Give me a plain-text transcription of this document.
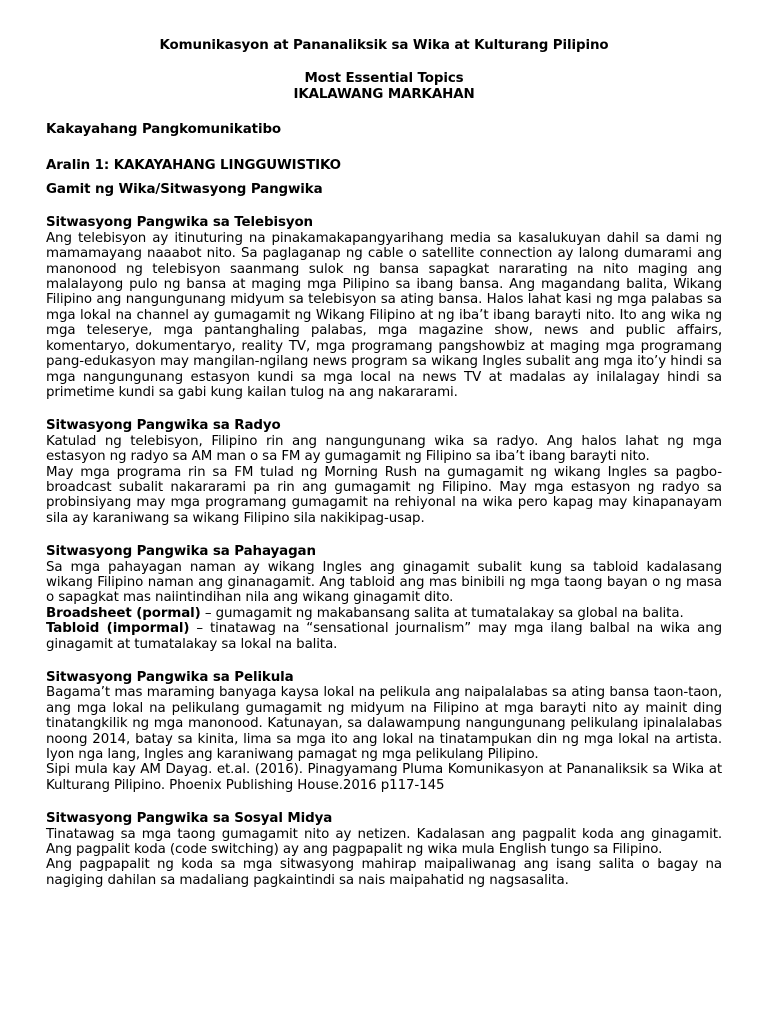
Komunikasyon at Pananaliksik sa Wika at Kulturang Pilipino

Most Essential Topics

IKALAWANG MARKAHAN

Kakayahang Pangkomunikatibo

Aralin 1: KAKAYAHANG LINGGUWISTIKO

Gamit ng Wika/Sitwasyong Pangwika

Sitwasyong Pangwika sa Telebisyon

Ang telebisyon ay itinuturing na pinakamakapangyarihang media sa kasalukuyan dahil sa dami ng mamamayang naaabot nito. Sa paglaganap ng cable o satellite connection ay lalong dumarami ang manonood ng telebisyon saanmang sulok ng bansa sapagkat nararating na nito maging ang malalayong pulo ng bansa at maging mga Pilipino sa ibang bansa. Ang magandang balita, Wikang Filipino ang nangungunang midyum sa telebisyon sa ating bansa. Halos lahat kasi ng mga palabas sa mga lokal na channel ay gumagamit ng Wikang Filipino at ng iba’t ibang barayti nito. Ito ang wika ng mga teleserye, mga pantanghaling palabas, mga magazine show, news and public affairs, komentaryo, dokumentaryo, reality TV, mga programang pangshowbiz at maging mga programang pang-edukasyon may mangilan-ngilang news program sa wikang Ingles subalit ang mga ito’y hindi sa mga nangungunang estasyon kundi sa mga local na news TV at madalas ay inilalagay hindi sa primetime kundi sa gabi kung kailan tulog na ang nakararami.

Sitwasyong Pangwika sa Radyo

Katulad ng telebisyon, Filipino rin ang nangungunang wika sa radyo. Ang halos lahat ng mga estasyon ng radyo sa AM man o sa FM ay gumagamit ng Filipino sa iba’t ibang barayti nito.

May mga programa rin sa FM tulad ng Morning Rush na gumagamit ng wikang Ingles sa pagbo-broadcast subalit nakararami pa rin ang gumagamit ng Filipino. May mga estasyon ng radyo sa probinsiyang may mga programang gumagamit na rehiyonal na wika pero kapag may kinapanayam sila ay karaniwang sa wikang Filipino sila nakikipag-usap.

Sitwasyong Pangwika sa Pahayagan

Sa mga pahayagan naman ay wikang Ingles ang ginagamit subalit kung sa tabloid kadalasang wikang Filipino naman ang ginanagamit. Ang tabloid ang mas binibili ng mga taong bayan o ng masa o sapagkat mas naiintindihan nila ang wikang ginagamit dito.

Broadsheet (pormal) – gumagamit ng makabansang salita at tumatalakay sa global na balita.

Tabloid (impormal) – tinatawag na “sensational journalism” may mga ilang balbal na wika ang ginagamit at tumatalakay sa lokal na balita.

Sitwasyong Pangwika sa Pelikula

Bagama’t mas maraming banyaga kaysa lokal na pelikula ang naipalalabas sa ating bansa taon-taon, ang mga lokal na pelikulang gumagamit ng midyum na Filipino at mga barayti nito ay mainit ding tinatangkilik ng mga manonood. Katunayan, sa dalawampung nangungunang pelikulang ipinalalabas noong 2014, batay sa kinita, lima sa mga ito ang lokal na tinatampukan din ng mga lokal na artista. Iyon nga lang, Ingles ang karaniwang pamagat ng mga pelikulang Pilipino.

Sipi mula kay AM Dayag. et.al. (2016). Pinagyamang Pluma Komunikasyon at Pananaliksik sa Wika at Kulturang Pilipino. Phoenix Publishing House.2016 p117-145

Sitwasyong Pangwika sa Sosyal Midya

Tinatawag sa mga taong gumagamit nito ay netizen. Kadalasan ang pagpalit koda ang ginagamit. Ang pagpalit koda (code switching) ay ang pagpapalit ng wika mula English tungo sa Filipino.

Ang pagpapalit ng koda sa mga sitwasyong mahirap maipaliwanag ang isang salita o bagay na nagiging dahilan sa madaliang pagkaintindi sa nais maipahatid ng nagsasalita.
